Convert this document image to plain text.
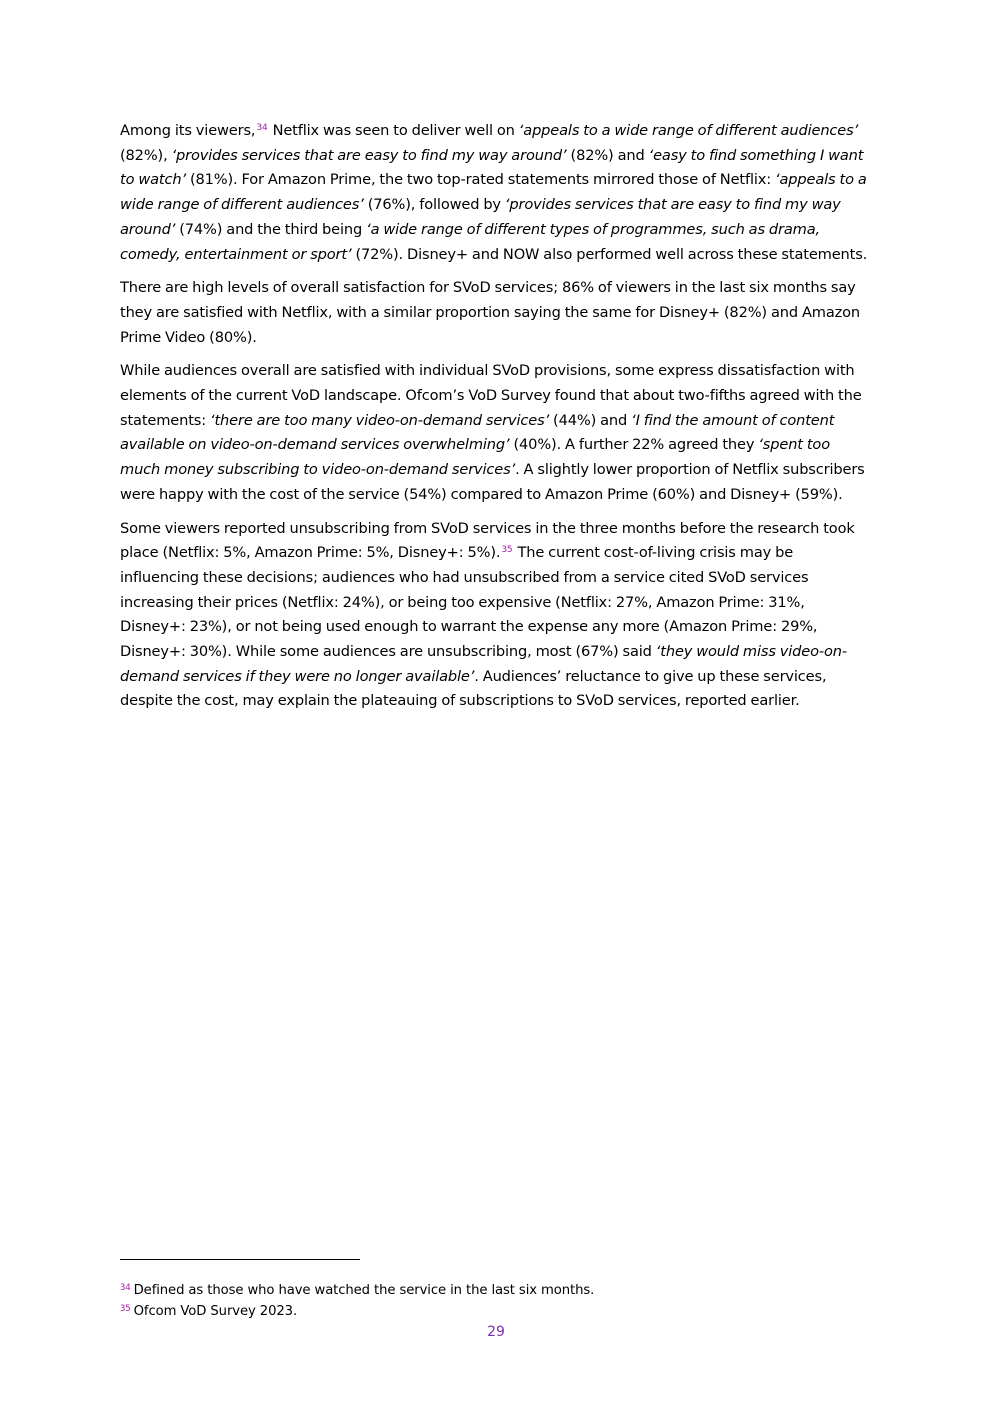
Among its viewers,$^{34}$ Netflix was seen to deliver well on ‘appeals to a wide range of different audiences’ (82%), ‘provides services that are easy to find my way around’ (82%) and ‘easy to find something I want to watch’ (81%). For Amazon Prime, the two top-rated statements mirrored those of Netflix: ‘appeals to a wide range of different audiences’ (76%), followed by ‘provides services that are easy to find my way around’ (74%) and the third being ‘a wide range of different types of programmes, such as drama, comedy, entertainment or sport’ (72%). Disney+ and NOW also performed well across these statements.

There are high levels of overall satisfaction for SVoD services; 86% of viewers in the last six months say they are satisfied with Netflix, with a similar proportion saying the same for Disney+ (82%) and Amazon Prime Video (80%).

While audiences overall are satisfied with individual SVoD provisions, some express dissatisfaction with elements of the current VoD landscape. Ofcom’s VoD Survey found that about two-fifths agreed with the statements: ‘there are too many video-on-demand services’ (44%) and ‘I find the amount of content available on video-on-demand services overwhelming’ (40%). A further 22% agreed they ‘spent too much money subscribing to video-on-demand services’. A slightly lower proportion of Netflix subscribers were happy with the cost of the service (54%) compared to Amazon Prime (60%) and Disney+ (59%).

Some viewers reported unsubscribing from SVoD services in the three months before the research took place (Netflix: 5%, Amazon Prime: 5%, Disney+: 5%).$^{35}$ The current cost-of-living crisis may be influencing these decisions; audiences who had unsubscribed from a service cited SVoD services increasing their prices (Netflix: 24%), or being too expensive (Netflix: 27%, Amazon Prime: 31%, Disney+: 23%), or not being used enough to warrant the expense any more (Amazon Prime: 29%, Disney+: 30%). While some audiences are unsubscribing, most (67%) said ‘they would miss video-on-demand services if they were no longer available’. Audiences’ reluctance to give up these services, despite the cost, may explain the plateauing of subscriptions to SVoD services, reported earlier.

$^{34}$ Defined as those who have watched the service in the last six months.
$^{35}$ Ofcom VoD Survey 2023.
29
